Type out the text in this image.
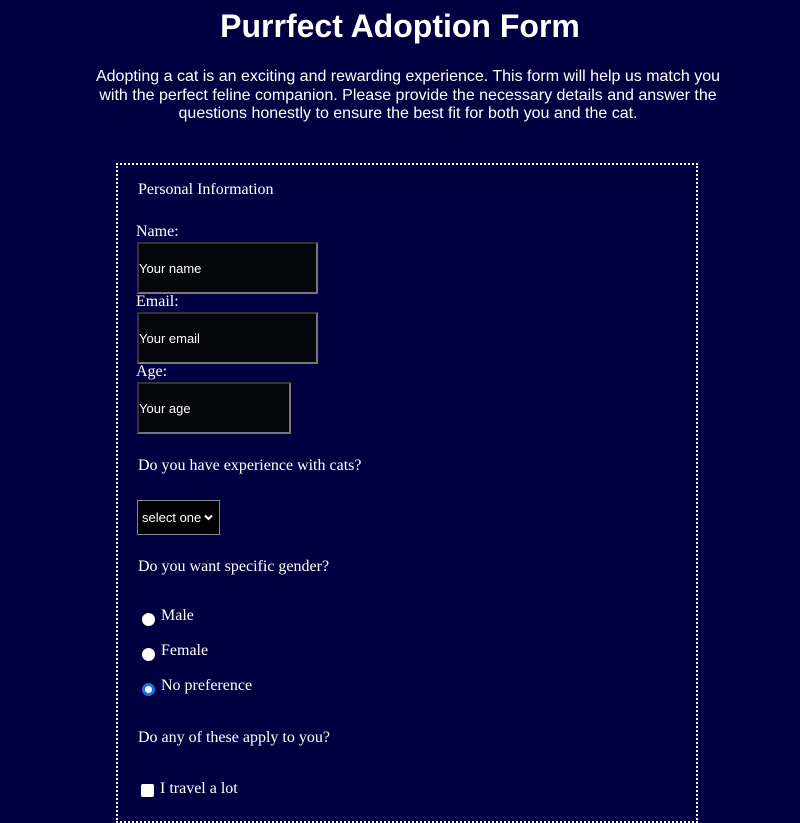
Purrfect Adoption Form

Adopting a cat is an exciting and rewarding experience. This form will help us match you with the perfect feline companion. Please provide the necessary details and answer the questions honestly to ensure the best fit for both you and the cat.

Personal Information
Name:
Your name
Email:
Your email
Age:
Your age
Do you have experience with cats?
select one
Do you want specific gender?
Male
Female
No preference
Do any of these apply to you?
I travel a lot
